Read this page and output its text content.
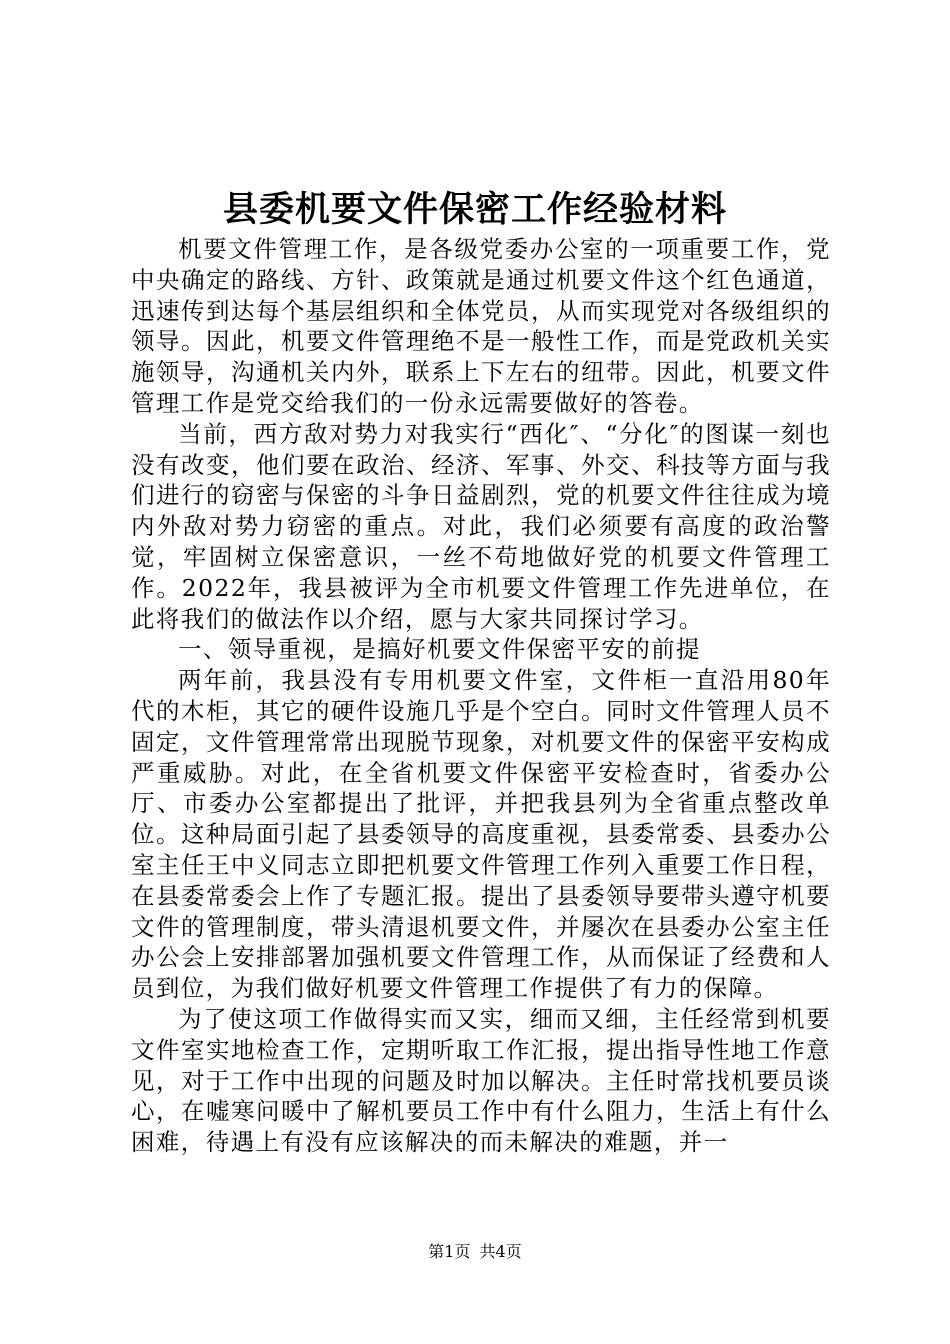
县委机要文件保密工作经验材料

机要文件管理工作，是各级党委办公室的一项重要工作，党中央确定的路线、方针、政策就是通过机要文件这个红色通道，迅速传到达每个基层组织和全体党员，从而实现党对各级组织的领导。因此，机要文件管理绝不是一般性工作，而是党政机关实施领导，沟通机关内外，联系上下左右的纽带。因此，机要文件管理工作是党交给我们的一份永远需要做好的答卷。

当前，西方敌对势力对我实行“西化″、“分化″的图谋一刻也没有改变，他们要在政治、经济、军事、外交、科技等方面与我们进行的窃密与保密的斗争日益剧烈，党的机要文件往往成为境内外敌对势力窃密的重点。对此，我们必须要有高度的政治警觉，牢固树立保密意识，一丝不苟地做好党的机要文件管理工作。2022年，我县被评为全市机要文件管理工作先进单位，在此将我们的做法作以介绍，愿与大家共同探讨学习。

一、领导重视，是搞好机要文件保密平安的前提

两年前，我县没有专用机要文件室，文件柜一直沿用80年代的木柜，其它的硬件设施几乎是个空白。同时文件管理人员不固定，文件管理常常出现脱节现象，对机要文件的保密平安构成严重威胁。对此，在全省机要文件保密平安检查时，省委办公厅、市委办公室都提出了批评，并把我县列为全省重点整改单位。这种局面引起了县委领导的高度重视，县委常委、县委办公室主任王中义同志立即把机要文件管理工作列入重要工作日程，在县委常委会上作了专题汇报。提出了县委领导要带头遵守机要文件的管理制度，带头清退机要文件，并屡次在县委办公室主任办公会上安排部署加强机要文件管理工作，从而保证了经费和人员到位，为我们做好机要文件管理工作提供了有力的保障。

为了使这项工作做得实而又实，细而又细，主任经常到机要文件室实地检查工作，定期听取工作汇报，提出指导性地工作意见，对于工作中出现的问题及时加以解决。主任时常找机要员谈心，在嘘寒问暖中了解机要员工作中有什么阻力，生活上有什么困难，待遇上有没有应该解决的而未解决的难题，并一

第1页 共4页
